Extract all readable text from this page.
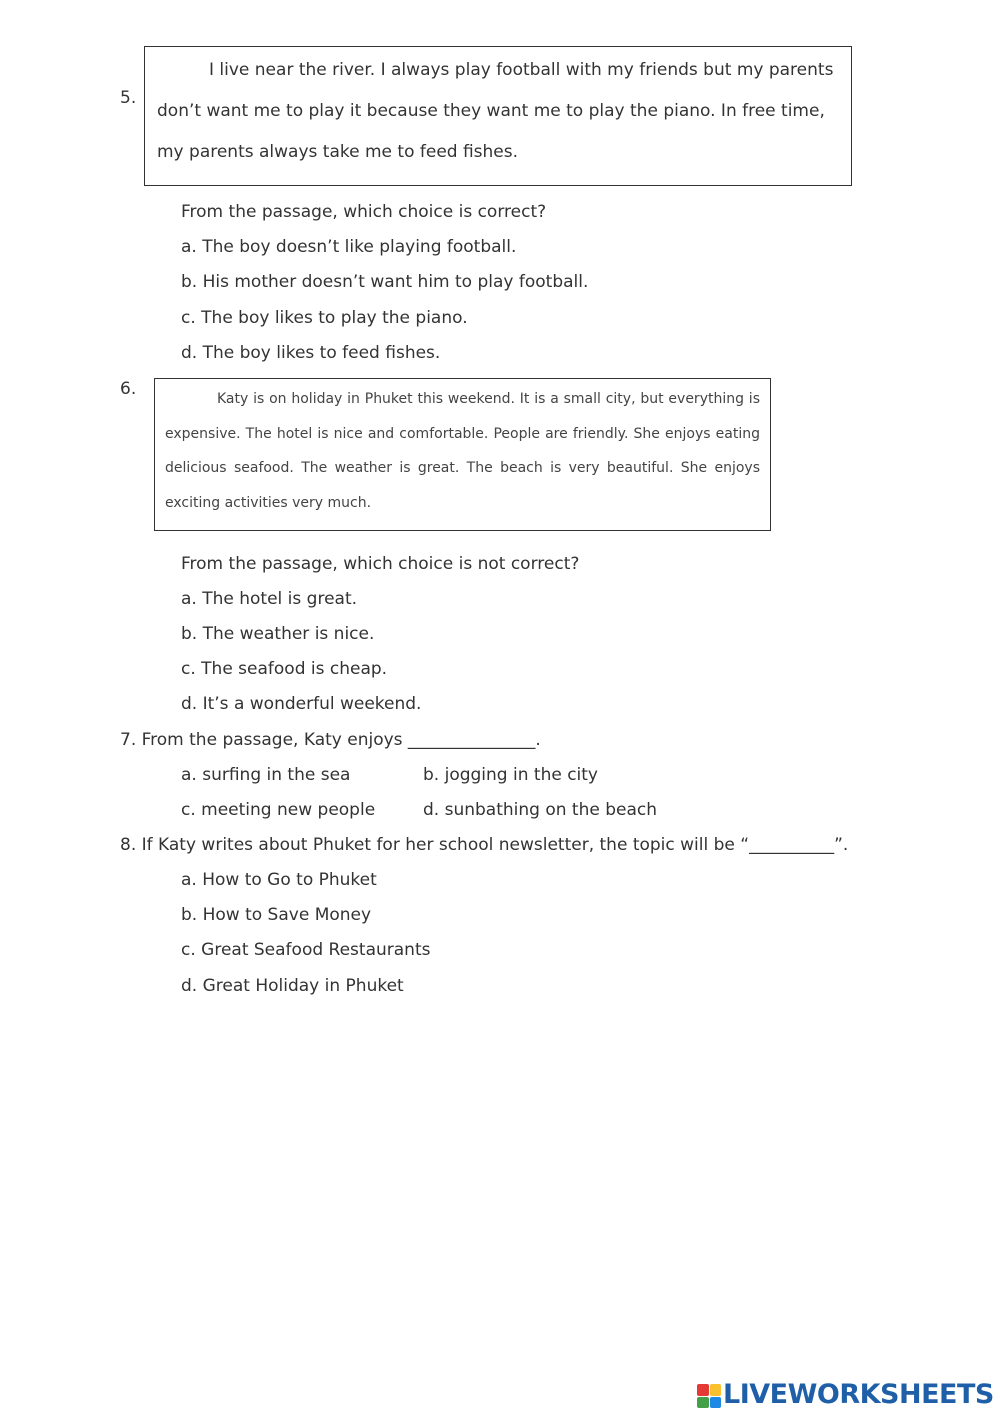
5.
I live near the river. I always play football with my friends but my parents don’t want me to play it because they want me to play the piano. In free time, my parents always take me to feed fishes.
From the passage, which choice is correct?
a. The boy doesn’t like playing football.
b. His mother doesn’t want him to play football.
c. The boy likes to play the piano.
d. The boy likes to feed fishes.
6.	Katy is on holiday in Phuket this weekend. It is a small city, but everything is expensive. The hotel is nice and comfortable. People are friendly. She enjoys eating delicious seafood. The weather is great. The beach is very beautiful. She enjoys exciting activities very much.
From the passage, which choice is not correct?
a. The hotel is great.
b. The weather is nice.
c. The seafood is cheap.
d. It’s a wonderful weekend.
7. From the passage, Katy enjoys _______________.
a. surfing in the sea	b. jogging in the city
c. meeting new people	d. sunbathing on the beach
8. If Katy writes about Phuket for her school newsletter, the topic will be “__________”.
a. How to Go to Phuket
b. How to Save Money
c. Great Seafood Restaurants
d. Great Holiday in Phuket
LIVEWORKSHEETS
